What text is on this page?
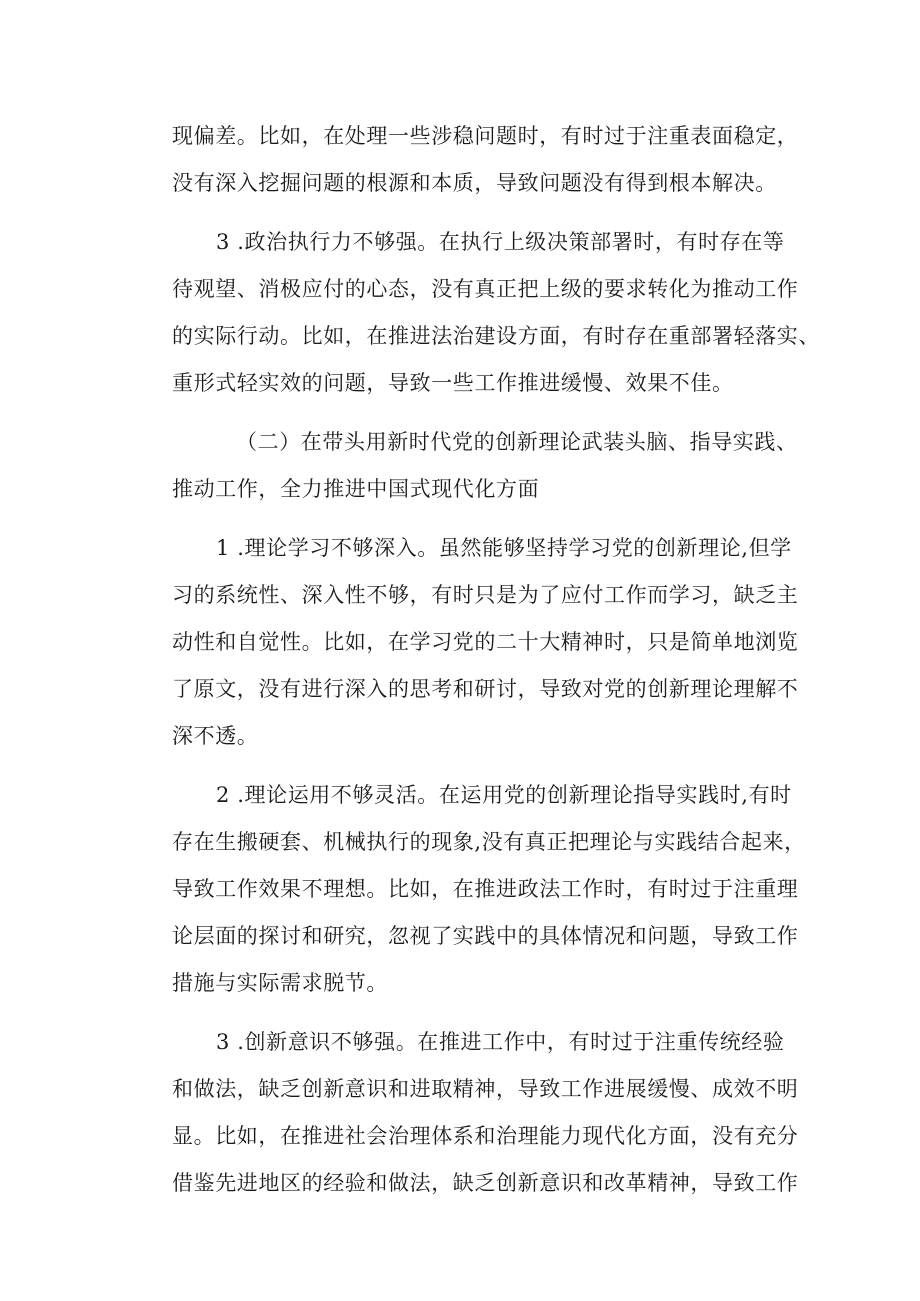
现偏差。比如，在处理一些涉稳问题时，有时过于注重表面稳定，
没有深入挖掘问题的根源和本质，导致问题没有得到根本解决。
3 .政治执行力不够强。在执行上级决策部署时，有时存在等
待观望、消极应付的心态，没有真正把上级的要求转化为推动工作
的实际行动。比如，在推进法治建设方面，有时存在重部署轻落实、
重形式轻实效的问题，导致一些工作推进缓慢、效果不佳。
（二）在带头用新时代党的创新理论武装头脑、指导实践、
推动工作，全力推进中国式现代化方面
1 .理论学习不够深入。虽然能够坚持学习党的创新理论,但学
习的系统性、深入性不够，有时只是为了应付工作而学习，缺乏主
动性和自觉性。比如，在学习党的二十大精神时，只是简单地浏览
了原文，没有进行深入的思考和研讨，导致对党的创新理论理解不
深不透。
2 .理论运用不够灵活。在运用党的创新理论指导实践时,有时
存在生搬硬套、机械执行的现象,没有真正把理论与实践结合起来，
导致工作效果不理想。比如，在推进政法工作时，有时过于注重理
论层面的探讨和研究，忽视了实践中的具体情况和问题，导致工作
措施与实际需求脱节。
3 .创新意识不够强。在推进工作中，有时过于注重传统经验
和做法，缺乏创新意识和进取精神，导致工作进展缓慢、成效不明
显。比如，在推进社会治理体系和治理能力现代化方面，没有充分
借鉴先进地区的经验和做法，缺乏创新意识和改革精神，导致工作
